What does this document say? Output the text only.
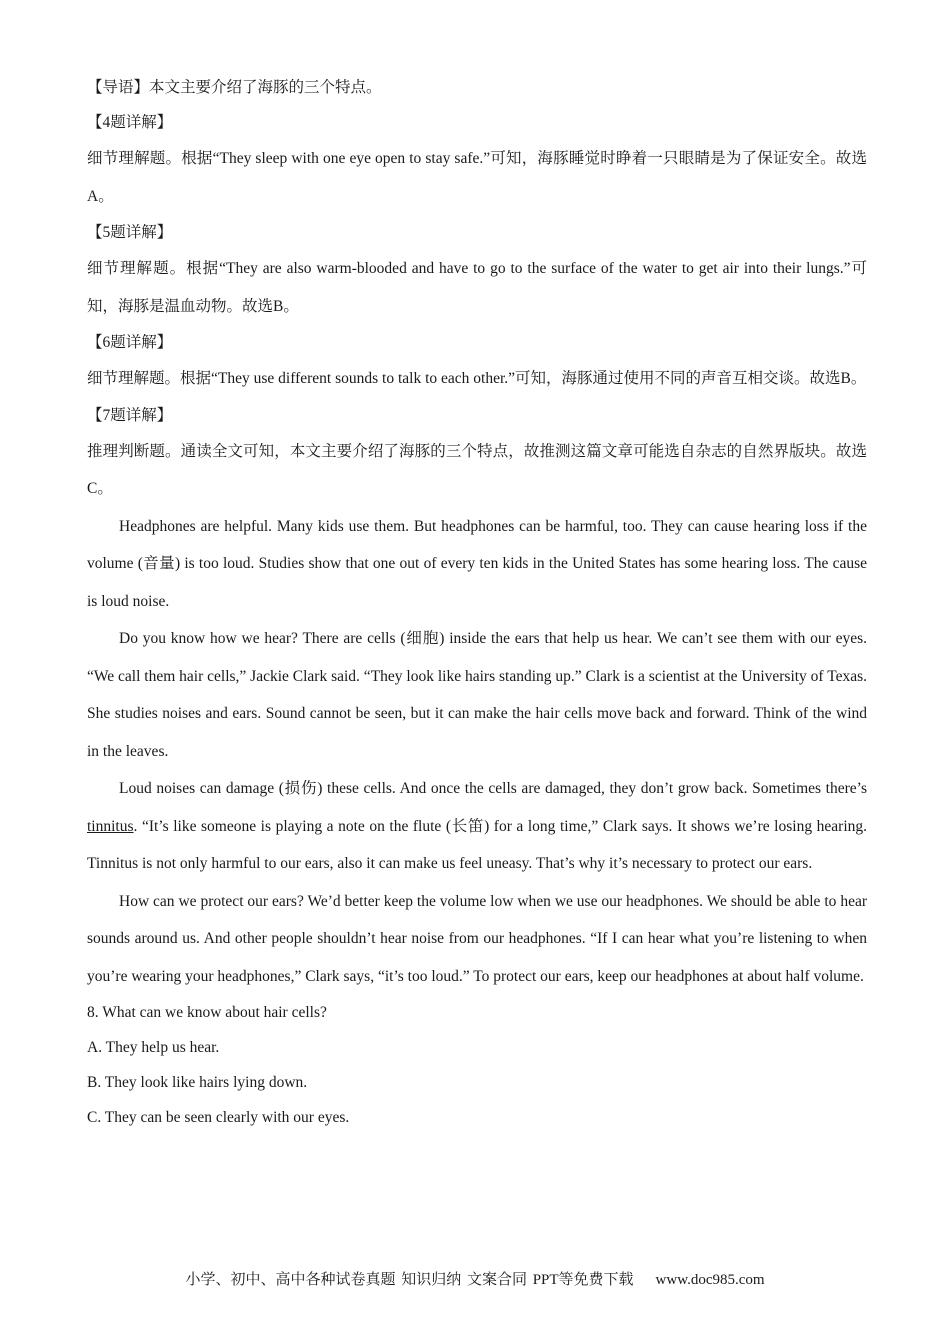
【导语】本文主要介绍了海豚的三个特点。

【4题详解】

细节理解题。根据“They sleep with one eye open to stay safe.”可知，海豚睡觉时睁着一只眼睛是为了保证安全。故选A。

【5题详解】

细节理解题。根据“They are also warm-blooded and have to go to the surface of the water to get air into their lungs.”可知，海豚是温血动物。故选B。

【6题详解】

细节理解题。根据“They use different sounds to talk to each other.”可知，海豚通过使用不同的声音互相交谈。故选B。

【7题详解】

推理判断题。通读全文可知，本文主要介绍了海豚的三个特点，故推测这篇文章可能选自杂志的自然界版块。故选C。

Headphones are helpful. Many kids use them. But headphones can be harmful, too. They can cause hearing loss if the volume (音量) is too loud. Studies show that one out of every ten kids in the United States has some hearing loss. The cause is loud noise.

Do you know how we hear? There are cells (细胞) inside the ears that help us hear. We can’t see them with our eyes. “We call them hair cells,” Jackie Clark said. “They look like hairs standing up.” Clark is a scientist at the University of Texas. She studies noises and ears. Sound cannot be seen, but it can make the hair cells move back and forward. Think of the wind in the leaves.

Loud noises can damage (损伤) these cells. And once the cells are damaged, they don’t grow back. Sometimes there’s tinnitus. “It’s like someone is playing a note on the flute (长笛) for a long time,” Clark says. It shows we’re losing hearing. Tinnitus is not only harmful to our ears, also it can make us feel uneasy. That’s why it’s necessary to protect our ears.

How can we protect our ears? We’d better keep the volume low when we use our headphones. We should be able to hear sounds around us. And other people shouldn’t hear noise from our headphones. “If I can hear what you’re listening to when you’re wearing your headphones,” Clark says, “it’s too loud.” To protect our ears, keep our headphones at about half volume.

8. What can we know about hair cells?

A. They help us hear.

B. They look like hairs lying down.

C. They can be seen clearly with our eyes.

小学、初中、高中各种试卷真题 知识归纳 文案合同 PPT等免费下载 www.doc985.com
